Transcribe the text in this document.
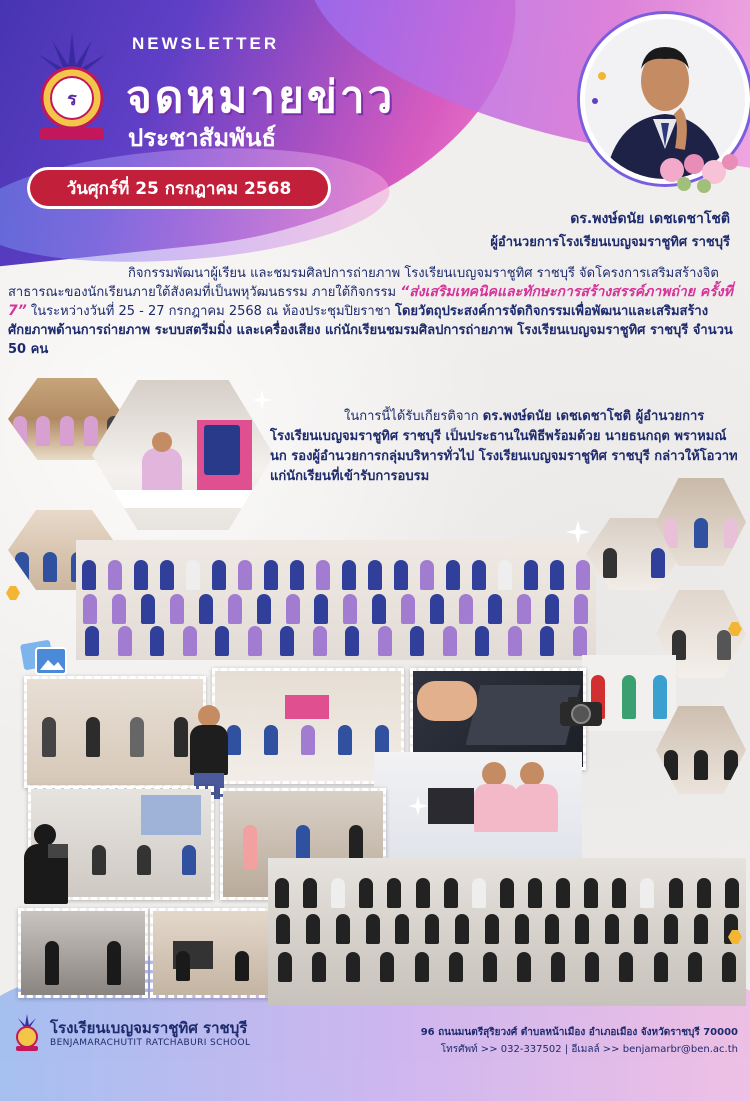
ร
NEWSLETTER
จดหมายข่าว
ประชาสัมพันธ์
วันศุกร์ที่ 25 กรกฎาคม 2568
ดร.พงษ์ดนัย เดชเดชาโชติ
ผู้อำนวยการโรงเรียนเบญจมราชูทิศ ราชบุรี
กิจกรรมพัฒนาผู้เรียน และชมรมศิลปการถ่ายภาพ โรงเรียนเบญจมราชูทิศ ราชบุรี จัดโครงการเสริมสร้างจิตสาธารณะของนักเรียนภายใต้สังคมที่เป็นพหุวัฒนธรรม ภายใต้กิจกรรม “ส่งเสริมเทคนิคและทักษะการสร้างสรรค์ภาพถ่าย ครั้งที่ 7” ในระหว่างวันที่ 25 - 27 กรกฎาคม 2568 ณ ห้องประชุมปิยราชา โดยวัตถุประสงค์การจัดกิจกรรมเพื่อพัฒนาและเสริมสร้างศักยภาพด้านการถ่ายภาพ ระบบสตรีมมิ่ง และเครื่องเสียง แก่นักเรียนชมรมศิลปการถ่ายภาพ โรงเรียนเบญจมราชูทิศ ราชบุรี จำนวน 50 คน
ในการนี้ได้รับเกียรติจาก ดร.พงษ์ดนัย เดชเดชาโชติ ผู้อำนวยการโรงเรียนเบญจมราชูทิศ ราชบุรี เป็นประธานในพิธีพร้อมด้วย นายธนกฤต พราหมณ์นก รองผู้อำนวยการกลุ่มบริหารทั่วไป โรงเรียนเบญจมราชูทิศ ราชบุรี กล่าวให้โอวาทแก่นักเรียนที่เข้ารับการอบรม
โรงเรียนเบญจมราชูทิศ ราชบุรี
BENJAMARACHUTIT RATCHABURI SCHOOL
96 ถนนมนตรีสุริยวงศ์ ตำบลหน้าเมือง อำเภอเมือง จังหวัดราชบุรี 70000
โทรศัพท์ >> 032-337502 | อีเมลล์ >> benjamarbr@ben.ac.th
